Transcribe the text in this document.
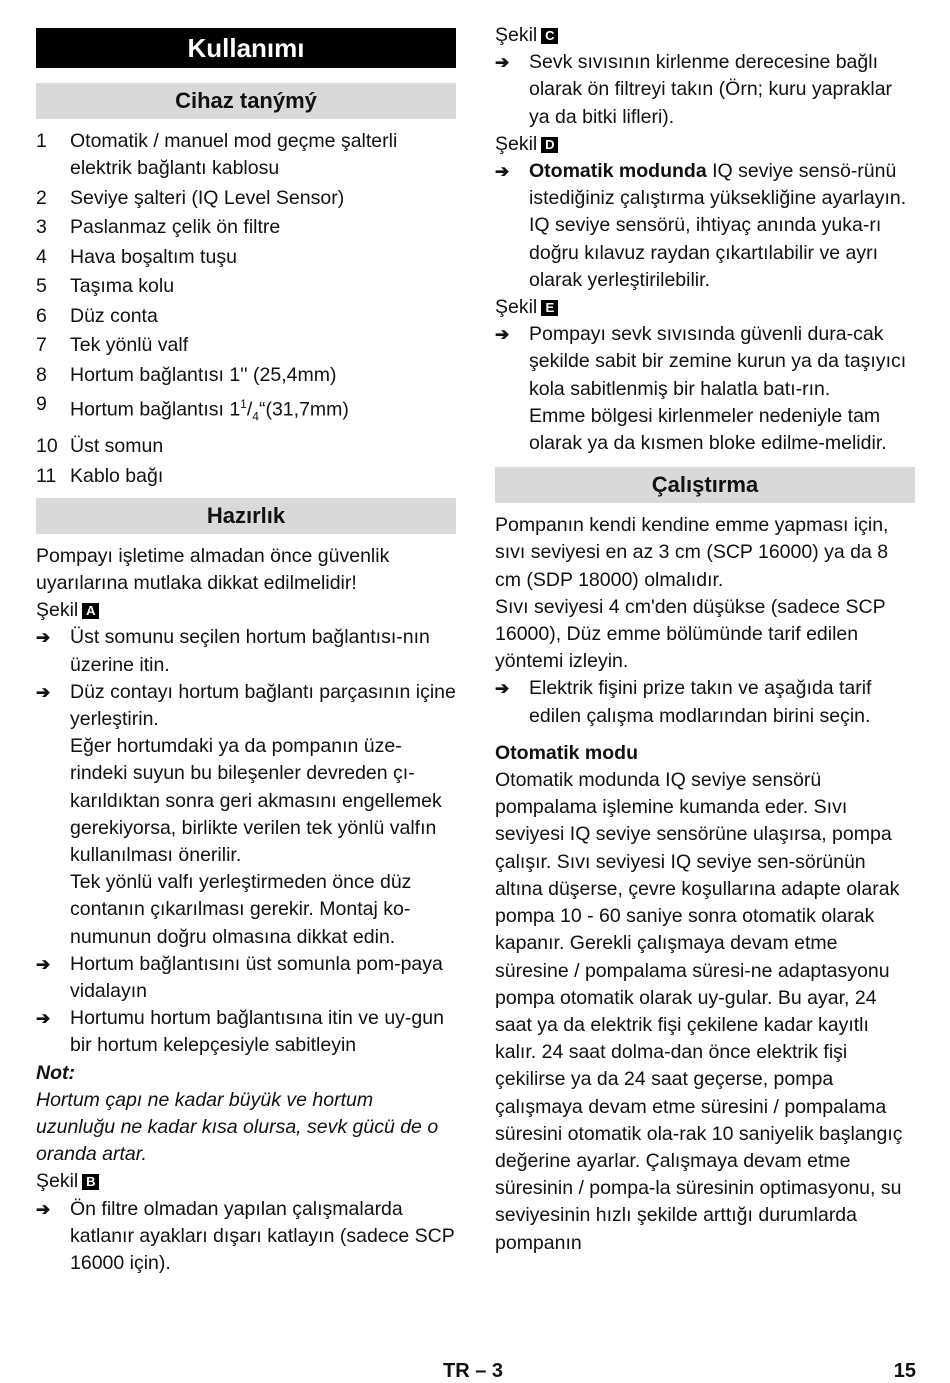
Kullanımı
Cihaz tanýmý
1	Otomatik / manuel mod geçme şalterli elektrik bağlantı kablosu
2	Seviye şalteri (IQ Level Sensor)
3	Paslanmaz çelik ön filtre
4	Hava boşaltım tuşu
5	Taşıma kolu
6	Düz conta
7	Tek yönlü valf
8	Hortum bağlantısı 1'' (25,4mm)
9	Hortum bağlantısı $1^1/_4“(31,7mm)$
10 Üst somun
11 Kablo bağı
Hazırlık
Pompayı işletime almadan önce güvenlik uyarılarına mutlaka dikkat edilmelidir!
Şekil A
➔	Üst somunu seçilen hortum bağlantısı-nın üzerine itin.
➔	Düz contayı hortum bağlantı parçasının içine yerleştirin.
Eğer hortumdaki ya da pompanın üze-rindeki suyun bu bileşenler devreden çı-karıldıktan sonra geri akmasını engellemek gerekiyorsa, birlikte verilen tek yönlü valfın kullanılması önerilir.
Tek yönlü valfı yerleştirmeden önce düz contanın çıkarılması gerekir. Montaj ko-numunun doğru olmasına dikkat edin.
➔	Hortum bağlantısını üst somunla pom-paya vidalayın
➔	Hortumu hortum bağlantısına itin ve uy-gun bir hortum kelepçesiyle sabitleyin
Not:
Hortum çapı ne kadar büyük ve hortum uzunluğu ne kadar kısa olursa, sevk gücü de o oranda artar.
Şekil B
➔	Ön filtre olmadan yapılan çalışmalarda katlanır ayakları dışarı katlayın (sadece SCP 16000 için).
Şekil C
➔	Sevk sıvısının kirlenme derecesine bağlı olarak ön filtreyi takın (Örn; kuru yapraklar ya da bitki lifleri).
Şekil D
➔	Otomatik modunda IQ seviye sensö-rünü istediğiniz çalıştırma yüksekliğine ayarlayın.
IQ seviye sensörü, ihtiyaç anında yuka-rı doğru kılavuz raydan çıkartılabilir ve ayrı olarak yerleştirilebilir.
Şekil E
➔	Pompayı sevk sıvısında güvenli dura-cak şekilde sabit bir zemine kurun ya da taşıyıcı kola sabitlenmiş bir halatla batı-rın.
Emme bölgesi kirlenmeler nedeniyle tam olarak ya da kısmen bloke edilme-melidir.
Çalıştırma
Pompanın kendi kendine emme yapması için, sıvı seviyesi en az 3 cm (SCP 16000) ya da 8 cm (SDP 18000) olmalıdır.
Sıvı seviyesi 4 cm'den düşükse (sadece SCP 16000), Düz emme bölümünde tarif edilen yöntemi izleyin.
➔	Elektrik fişini prize takın ve aşağıda tarif edilen çalışma modlarından birini seçin.
Otomatik modu
Otomatik modunda IQ seviye sensörü pompalama işlemine kumanda eder. Sıvı seviyesi IQ seviye sensörüne ulaşırsa, pompa çalışır. Sıvı seviyesi IQ seviye sen-sörünün altına düşerse, çevre koşullarına adapte olarak pompa 10 - 60 saniye sonra otomatik olarak kapanır. Gerekli çalışmaya devam etme süresine / pompalama süresi-ne adaptasyonu pompa otomatik olarak uy-gular. Bu ayar, 24 saat ya da elektrik fişi çekilene kadar kayıtlı kalır. 24 saat dolma-dan önce elektrik fişi çekilirse ya da 24 saat geçerse, pompa çalışmaya devam etme süresini / pompalama süresini otomatik ola-rak 10 saniyelik başlangıç değerine ayarlar. Çalışmaya devam etme süresinin / pompa-la süresinin optimasyonu, su seviyesinin hızlı şekilde arttığı durumlarda pompanın
TR – 3	15
